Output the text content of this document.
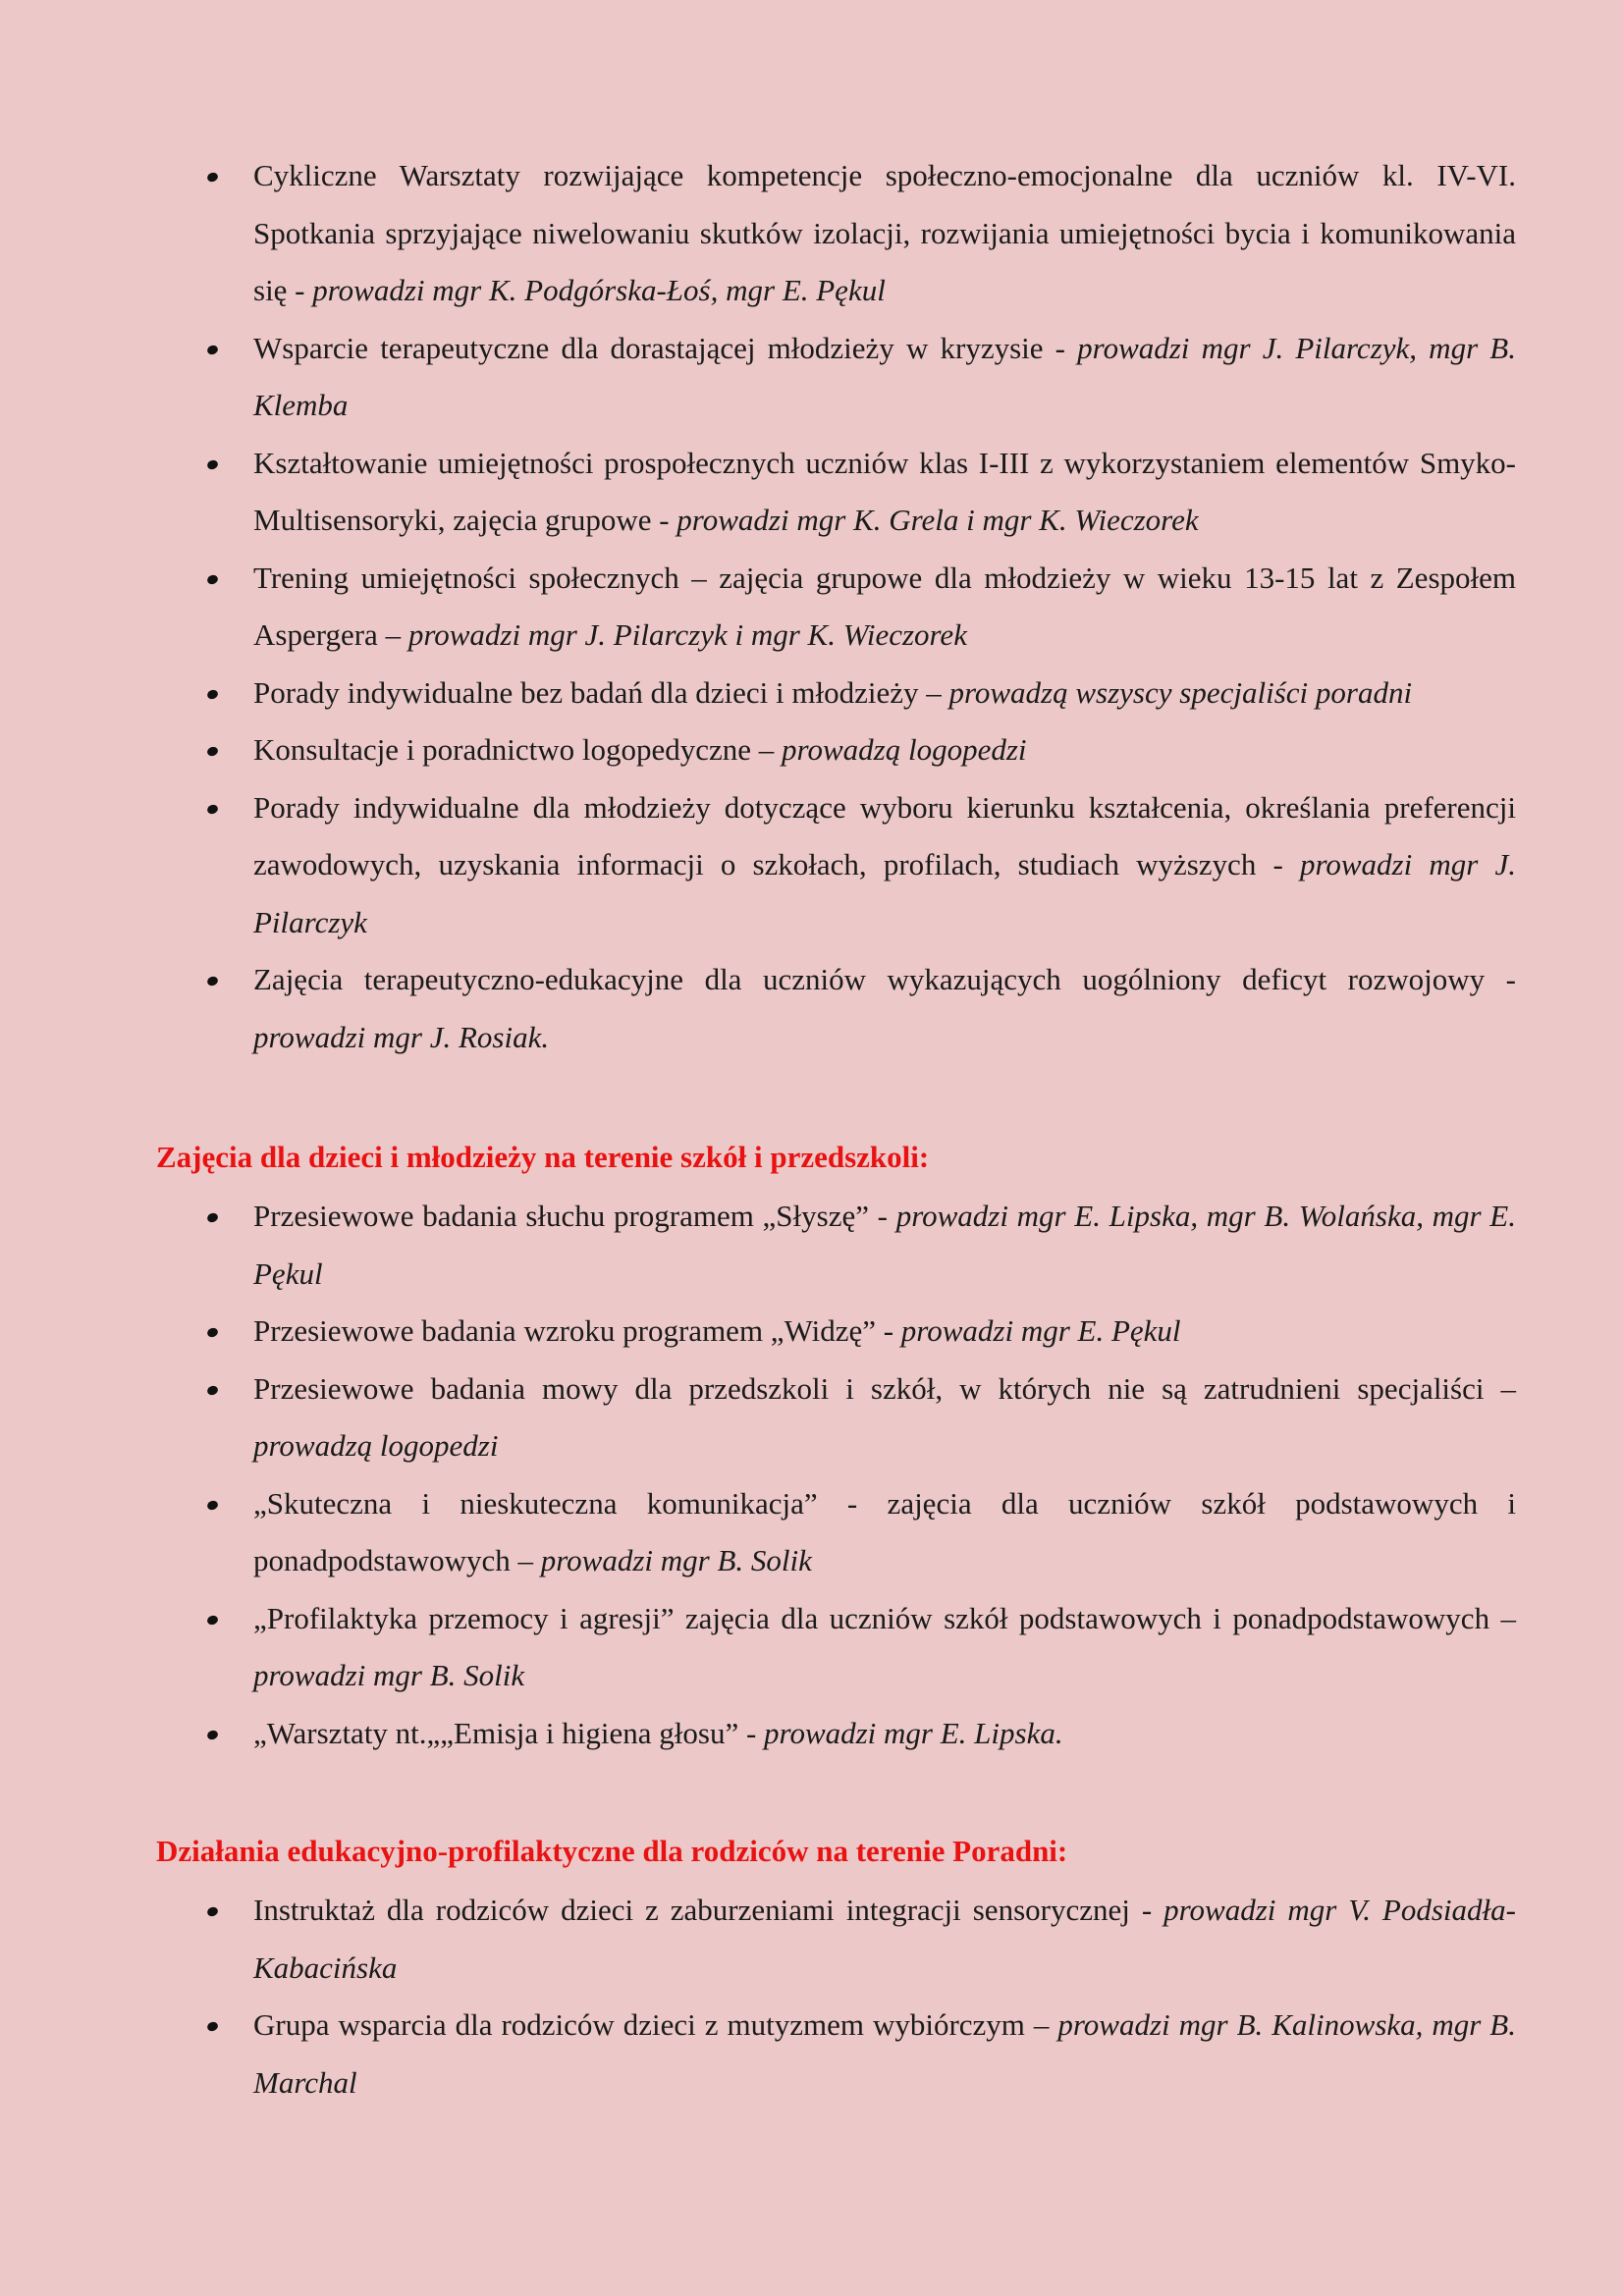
Cykliczne Warsztaty rozwijające kompetencje społeczno-emocjonalne dla uczniów kl. IV-VI. Spotkania sprzyjające niwelowaniu skutków izolacji, rozwijania umiejętności bycia i komunikowania się - prowadzi mgr K. Podgórska-Łoś, mgr E. Pękul
Wsparcie terapeutyczne dla dorastającej młodzieży w kryzysie - prowadzi mgr J. Pilarczyk, mgr B. Klemba
Kształtowanie umiejętności prospołecznych uczniów klas I-III z wykorzystaniem elementów Smyko-Multisensoryki, zajęcia grupowe - prowadzi mgr K. Grela i mgr K. Wieczorek
Trening umiejętności społecznych – zajęcia grupowe dla młodzieży w wieku 13-15 lat z Zespołem Aspergera – prowadzi mgr J. Pilarczyk i mgr K. Wieczorek
Porady indywidualne bez badań dla dzieci i młodzieży – prowadzą wszyscy specjaliści poradni
Konsultacje i poradnictwo logopedyczne – prowadzą logopedzi
Porady indywidualne dla młodzieży dotyczące wyboru kierunku kształcenia, określania preferencji zawodowych, uzyskania informacji o szkołach, profilach, studiach wyższych - prowadzi mgr J. Pilarczyk
Zajęcia terapeutyczno-edukacyjne dla uczniów wykazujących uogólniony deficyt rozwojowy - prowadzi mgr J. Rosiak.
Zajęcia dla dzieci i młodzieży na terenie szkół i przedszkoli:
Przesiewowe badania słuchu programem „Słyszę” - prowadzi mgr E. Lipska, mgr B. Wolańska, mgr E. Pękul
Przesiewowe badania wzroku programem „Widzę” - prowadzi mgr E. Pękul
Przesiewowe badania mowy dla przedszkoli i szkół, w których nie są zatrudnieni specjaliści – prowadzą logopedzi
„Skuteczna i nieskuteczna komunikacja” - zajęcia dla uczniów szkół podstawowych i ponadpodstawowych – prowadzi mgr B. Solik
„Profilaktyka przemocy i agresji” zajęcia dla uczniów szkół podstawowych i ponadpodstawowych – prowadzi mgr B. Solik
„Warsztaty nt.„„Emisja i higiena głosu” - prowadzi mgr E. Lipska.
Działania edukacyjno-profilaktyczne dla rodziców na terenie Poradni:
Instruktaż dla rodziców dzieci z zaburzeniami integracji sensorycznej - prowadzi mgr V. Podsiadła-Kabacińska
Grupa wsparcia dla rodziców dzieci z mutyzmem wybiórczym – prowadzi mgr B. Kalinowska, mgr B. Marchal
